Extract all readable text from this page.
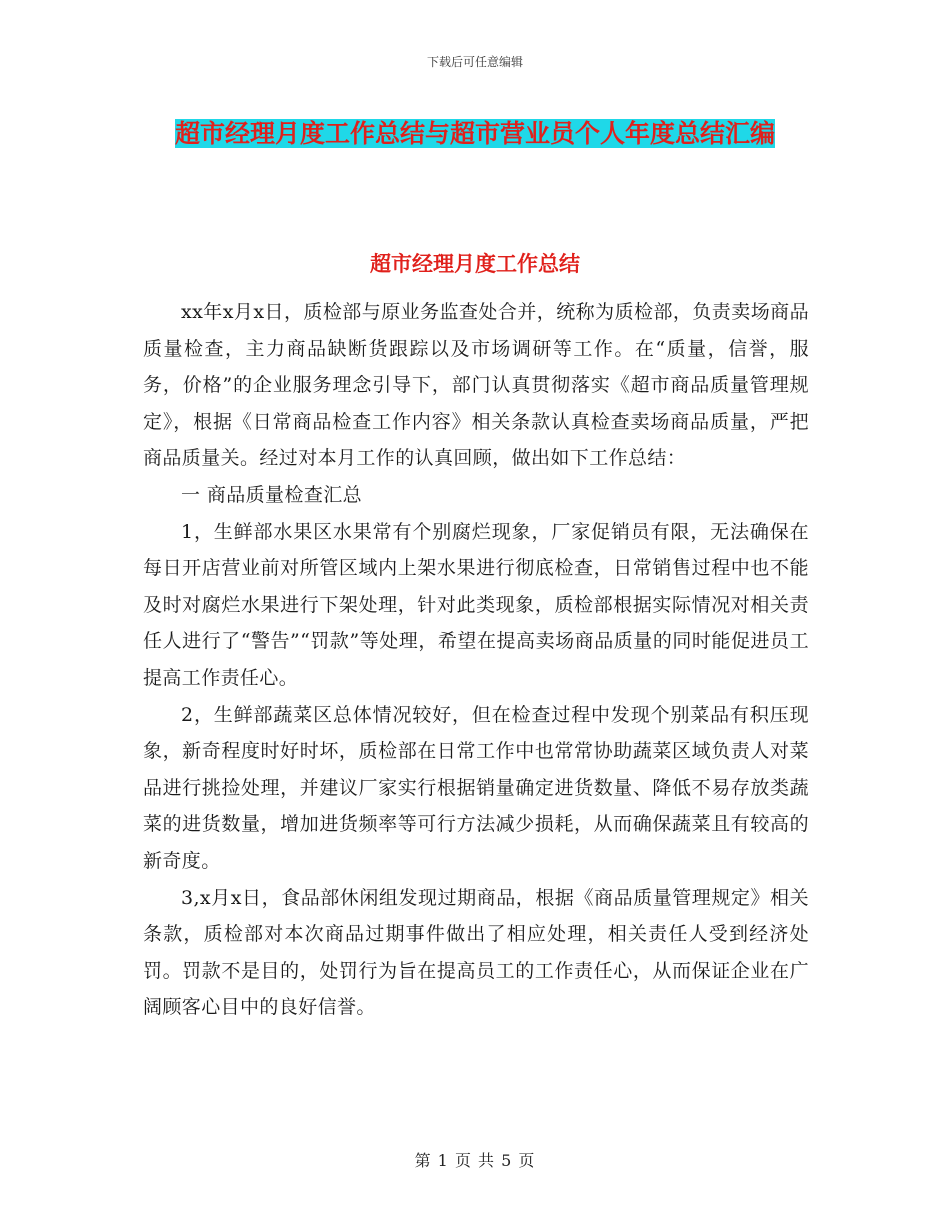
下载后可任意编辑
超市经理月度工作总结与超市营业员个人年度总结汇编
超市经理月度工作总结

xx年x月x日，质检部与原业务监查处合并，统称为质检部，负责卖场商品质量检查，主力商品缺断货跟踪以及市场调研等工作。在“质量，信誉，服务，价格”的企业服务理念引导下，部门认真贯彻落实《超市商品质量管理规定》，根据《日常商品检查工作内容》相关条款认真检查卖场商品质量，严把商品质量关。经过对本月工作的认真回顾，做出如下工作总结：

一 商品质量检查汇总

1，生鲜部水果区水果常有个别腐烂现象，厂家促销员有限，无法确保在每日开店营业前对所管区域内上架水果进行彻底检查，日常销售过程中也不能及时对腐烂水果进行下架处理，针对此类现象，质检部根据实际情况对相关责任人进行了“警告”“罚款”等处理，希望在提高卖场商品质量的同时能促进员工提高工作责任心。

2，生鲜部蔬菜区总体情况较好，但在检查过程中发现个别菜品有积压现象，新奇程度时好时坏，质检部在日常工作中也常常协助蔬菜区域负责人对菜品进行挑捡处理，并建议厂家实行根据销量确定进货数量、降低不易存放类蔬菜的进货数量，增加进货频率等可行方法减少损耗，从而确保蔬菜且有较高的新奇度。

3,x月x日，食品部休闲组发现过期商品，根据《商品质量管理规定》相关条款，质检部对本次商品过期事件做出了相应处理，相关责任人受到经济处罚。罚款不是目的，处罚行为旨在提高员工的工作责任心，从而保证企业在广阔顾客心目中的良好信誉。

第 1 页 共 5 页
